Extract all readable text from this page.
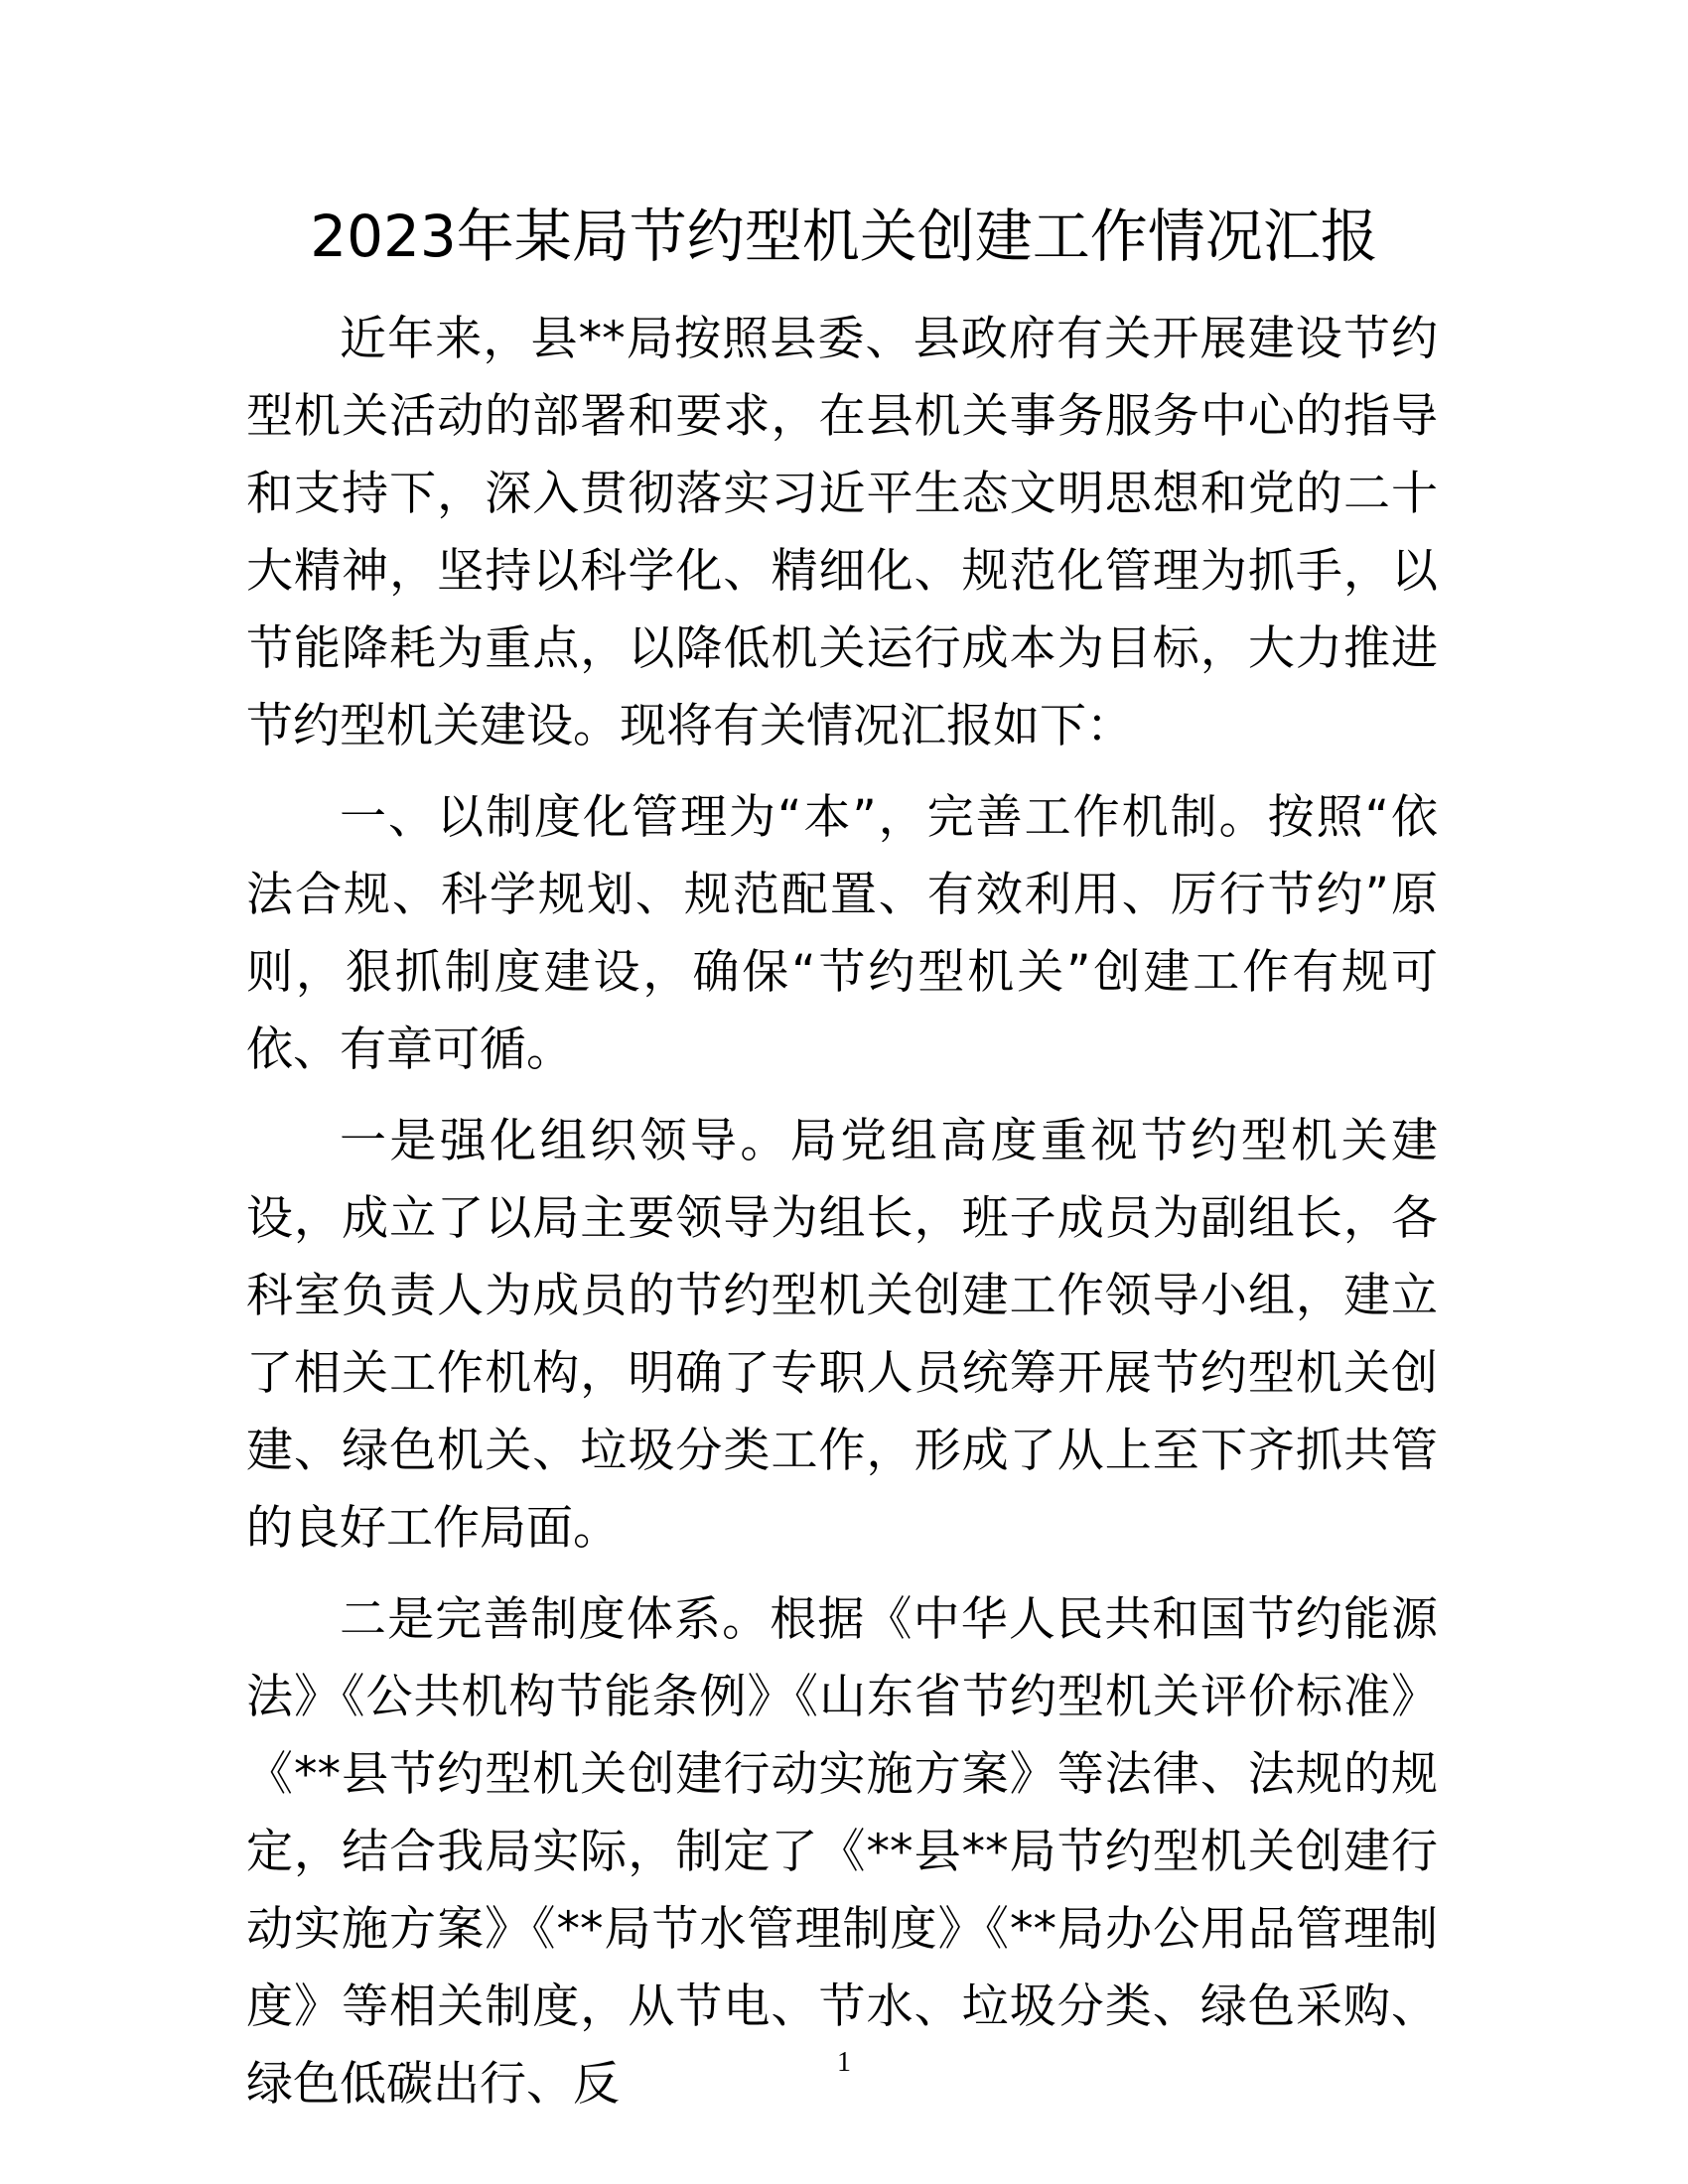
2023年某局节约型机关创建工作情况汇报

近年来，县**局按照县委、县政府有关开展建设节约型机关活动的部署和要求，在县机关事务服务中心的指导和支持下，深入贯彻落实习近平生态文明思想和党的二十大精神，坚持以科学化、精细化、规范化管理为抓手，以节能降耗为重点，以降低机关运行成本为目标，大力推进节约型机关建设。现将有关情况汇报如下：

一、以制度化管理为“本”，完善工作机制。按照“依法合规、科学规划、规范配置、有效利用、厉行节约”原则，狠抓制度建设，确保“节约型机关”创建工作有规可依、有章可循。

一是强化组织领导。局党组高度重视节约型机关建设，成立了以局主要领导为组长，班子成员为副组长，各科室负责人为成员的节约型机关创建工作领导小组，建立了相关工作机构，明确了专职人员统筹开展节约型机关创建、绿色机关、垃圾分类工作，形成了从上至下齐抓共管的良好工作局面。

二是完善制度体系。根据《中华人民共和国节约能源法》《公共机构节能条例》《山东省节约型机关评价标准》《**县节约型机关创建行动实施方案》等法律、法规的规定，结合我局实际，制定了《**县**局节约型机关创建行动实施方案》《**局节水管理制度》《**局办公用品管理制度》等相关制度，从节电、节水、垃圾分类、绿色采购、绿色低碳出行、反	1
